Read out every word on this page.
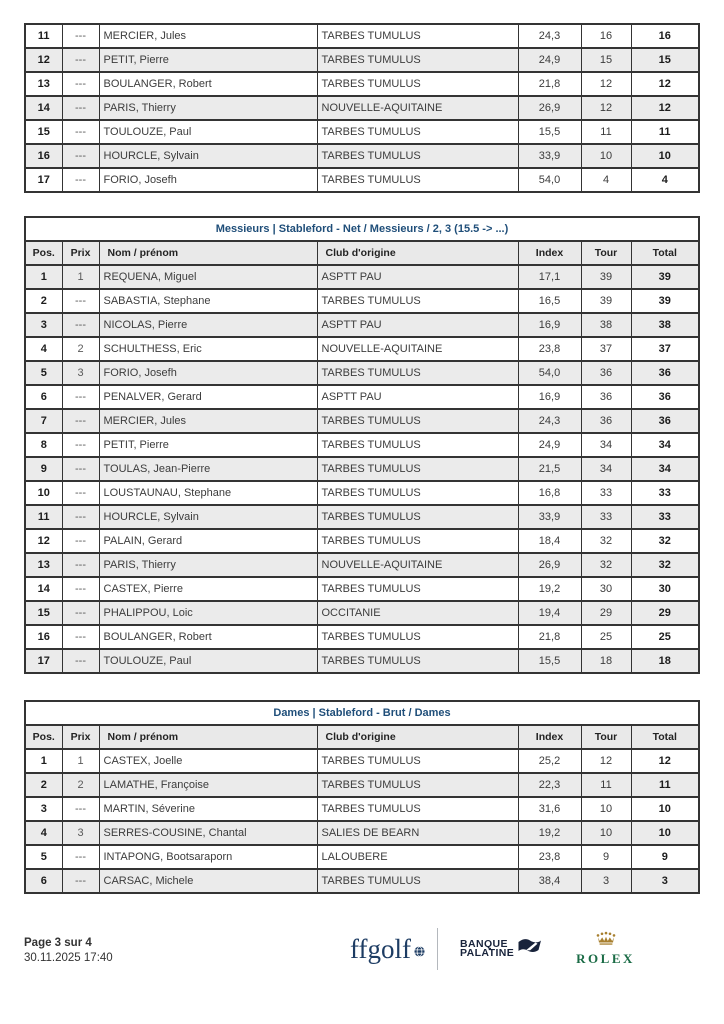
11	---	MERCIER, Jules	TARBES TUMULUS	24,3	16	16
12	---	PETIT, Pierre	TARBES TUMULUS	24,9	15	15
13	---	BOULANGER, Robert	TARBES TUMULUS	21,8	12	12
14	---	PARIS, Thierry	NOUVELLE-AQUITAINE	26,9	12	12
15	---	TOULOUZE, Paul	TARBES TUMULUS	15,5	11	11
16	---	HOURCLE, Sylvain	TARBES TUMULUS	33,9	10	10
17	---	FORIO, Josefh	TARBES TUMULUS	54,0	4	4
Messieurs | Stableford - Net / Messieurs / 2, 3 (15.5 -> ...)						
Pos.	Prix	Nom / prénom	Club d'origine	Index	Tour	Total
1	1	REQUENA, Miguel	ASPTT PAU	17,1	39	39
2	---	SABASTIA, Stephane	TARBES TUMULUS	16,5	39	39
3	---	NICOLAS, Pierre	ASPTT PAU	16,9	38	38
4	2	SCHULTHESS, Eric	NOUVELLE-AQUITAINE	23,8	37	37
5	3	FORIO, Josefh	TARBES TUMULUS	54,0	36	36
6	---	PENALVER, Gerard	ASPTT PAU	16,9	36	36
7	---	MERCIER, Jules	TARBES TUMULUS	24,3	36	36
8	---	PETIT, Pierre	TARBES TUMULUS	24,9	34	34
9	---	TOULAS, Jean-Pierre	TARBES TUMULUS	21,5	34	34
10	---	LOUSTAUNAU, Stephane	TARBES TUMULUS	16,8	33	33
11	---	HOURCLE, Sylvain	TARBES TUMULUS	33,9	33	33
12	---	PALAIN, Gerard	TARBES TUMULUS	18,4	32	32
13	---	PARIS, Thierry	NOUVELLE-AQUITAINE	26,9	32	32
14	---	CASTEX, Pierre	TARBES TUMULUS	19,2	30	30
15	---	PHALIPPOU, Loic	OCCITANIE	19,4	29	29
16	---	BOULANGER, Robert	TARBES TUMULUS	21,8	25	25
17	---	TOULOUZE, Paul	TARBES TUMULUS	15,5	18	18
Dames | Stableford - Brut / Dames						
Pos.	Prix	Nom / prénom	Club d'origine	Index	Tour	Total
1	1	CASTEX, Joelle	TARBES TUMULUS	25,2	12	12
2	2	LAMATHE, Françoise	TARBES TUMULUS	22,3	11	11
3	---	MARTIN, Séverine	TARBES TUMULUS	31,6	10	10
4	3	SERRES-COUSINE, Chantal	SALIES DE BEARN	19,2	10	10
5	---	INTAPONG, Bootsaraporn	LALOUBERE	23,8	9	9
6	---	CARSAC, Michele	TARBES TUMULUS	38,4	3	3
Page 3 sur 4
30.11.2025 17:40	ffgolf	BANQUE
PALATINE	ROLEX
